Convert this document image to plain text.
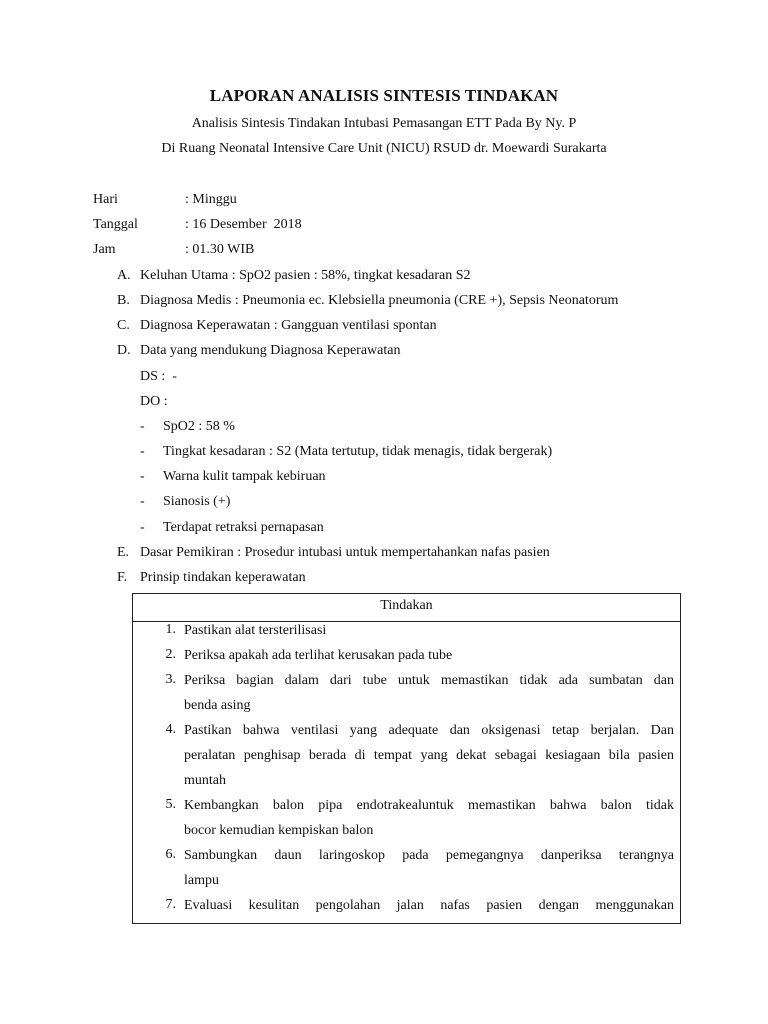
LAPORAN ANALISIS SINTESIS TINDAKAN
Analisis Sintesis Tindakan Intubasi Pemasangan ETT Pada By Ny. P
Di Ruang Neonatal Intensive Care Unit (NICU) RSUD dr. Moewardi Surakarta
Hari	: Minggu
Tanggal	: 16 Desember  2018
Jam	: 01.30 WIB
A. Keluhan Utama : SpO2 pasien : 58%, tingkat kesadaran S2
B. Diagnosa Medis : Pneumonia ec. Klebsiella pneumonia (CRE +), Sepsis Neonatorum
C. Diagnosa Keperawatan : Gangguan ventilasi spontan
D. Data yang mendukung Diagnosa Keperawatan
DS :  -
DO :
- SpO2 : 58 %
- Tingkat kesadaran : S2 (Mata tertutup, tidak menagis, tidak bergerak)
- Warna kulit tampak kebiruan
- Sianosis (+)
- Terdapat retraksi pernapasan
E. Dasar Pemikiran : Prosedur intubasi untuk mempertahankan nafas pasien
F. Prinsip tindakan keperawatan
Tindakan
1. Pastikan alat tersterilisasi
2. Periksa apakah ada terlihat kerusakan pada tube
3. Periksa bagian dalam dari tube untuk memastikan tidak ada sumbatan dan
benda asing
4. Pastikan bahwa ventilasi yang adequate dan oksigenasi tetap berjalan. Dan
peralatan penghisap berada di tempat yang dekat sebagai kesiagaan bila pasien
muntah
5. Kembangkan balon pipa endotrakealuntuk memastikan bahwa balon tidak
bocor kemudian kempiskan balon
6. Sambungkan daun laringoskop pada pemegangnya danperiksa terangnya
lampu
7. Evaluasi kesulitan pengolahan jalan nafas pasien dengan menggunakan
